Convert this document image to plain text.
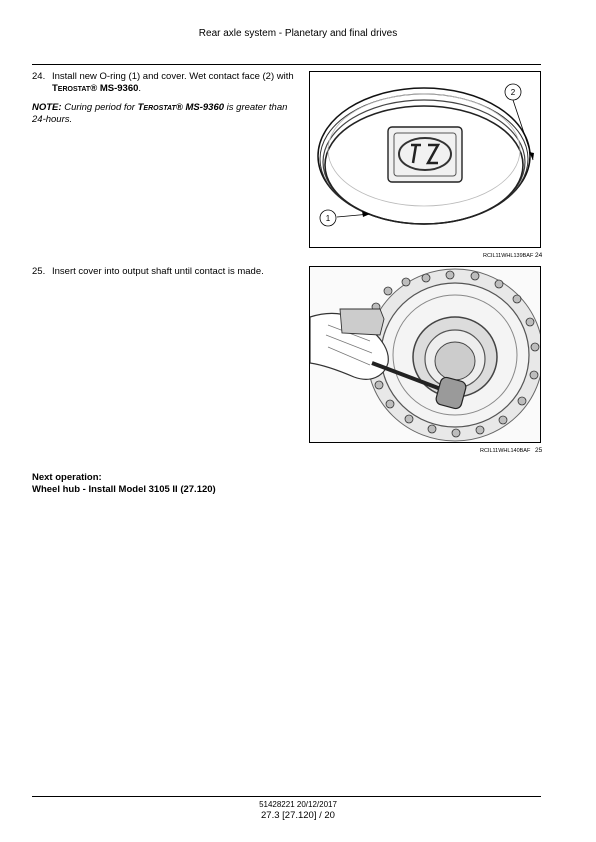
Rear axle system - Planetary and final drives
24. Install new O-ring (1) and cover. Wet contact face (2) with Terostat® MS-9360.
NOTE: Curing period for Terostat® MS-9360 is greater than 24-hours.
2
1
RCIL11WHL139BAF 24
25. Insert cover into output shaft until contact is made.
RCIL11WHL140BAF 25
Next operation:
Wheel hub - Install Model 3105 II (27.120)
51428221 20/12/2017
27.3 [27.120] / 20
